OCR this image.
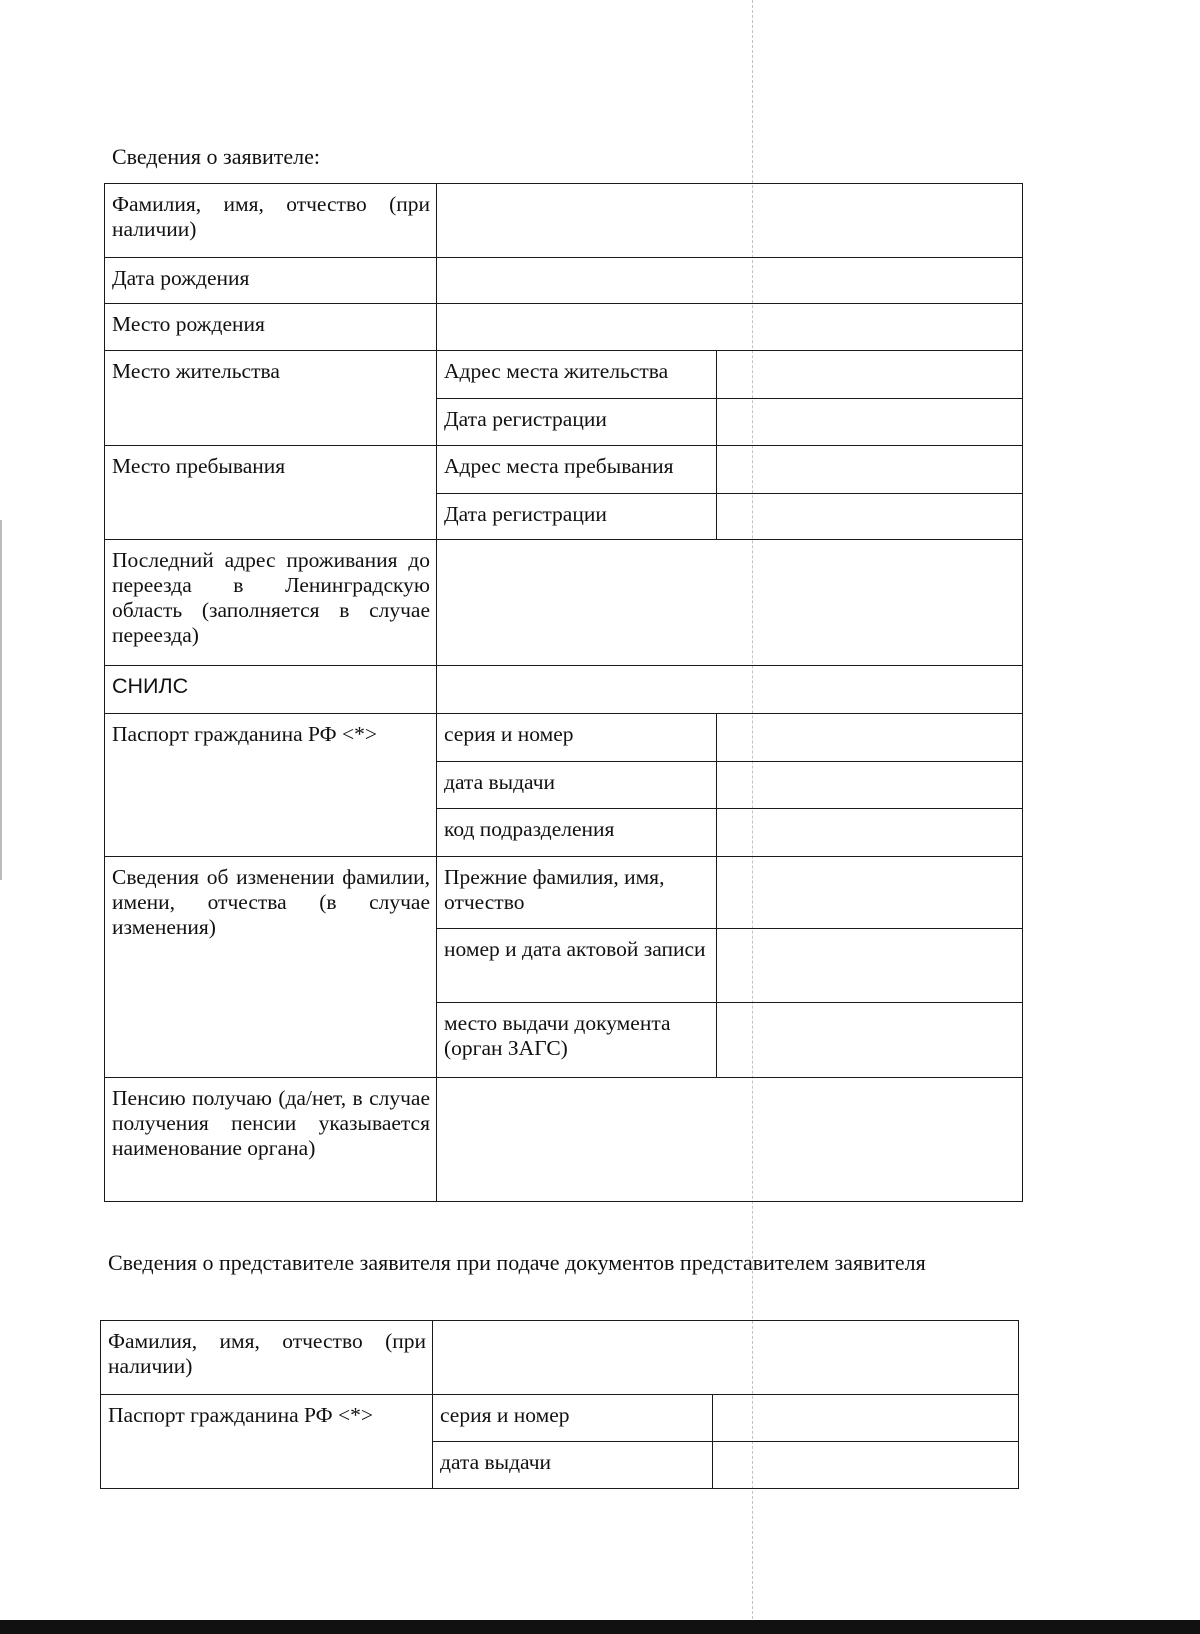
Сведения о заявителе:

Фамилия, имя, отчество (при наличии)		
Дата рождения		
Место рождения		
Место жительства	Адрес места жительства	
	Дата регистрации	
Место пребывания	Адрес места пребывания	
	Дата регистрации	
Последний адрес проживания до переезда в Ленинградскую область (заполняется в случае переезда)		
СНИЛС		
Паспорт гражданина РФ <*>	серия и номер	
	дата выдачи	
	код подразделения	
Сведения об изменении фамилии, имени, отчества (в случае изменения)	Прежние фамилия, имя, отчество	
	номер и дата актовой записи	
	место выдачи документа (орган ЗАГС)	
Пенсию получаю (да/нет, в случае получения пенсии указывается наименование органа)		

Сведения о представителе заявителя при подаче документов представителем заявителя

Фамилия, имя, отчество (при наличии)		
Паспорт гражданина РФ <*>	серия и номер	
	дата выдачи	
